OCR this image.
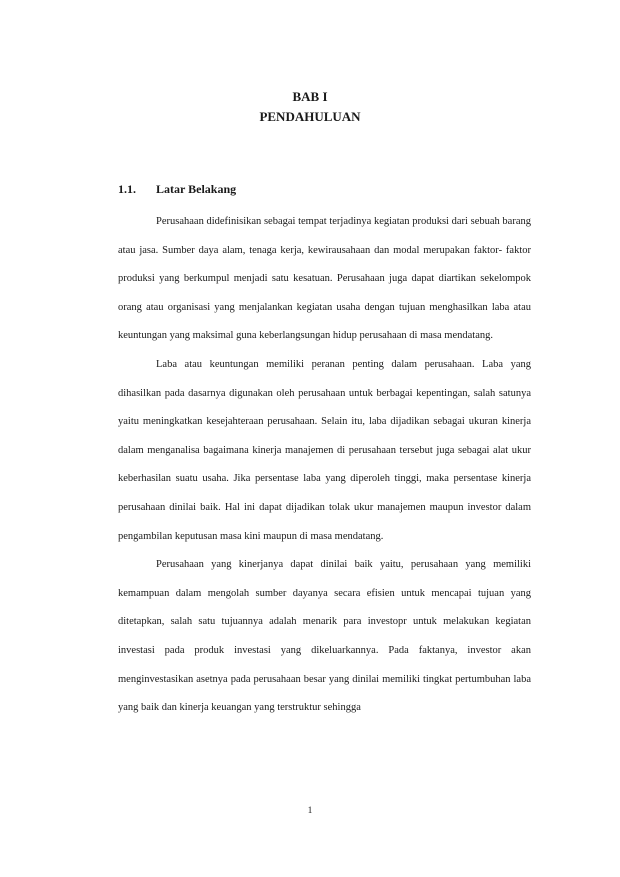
BAB I
PENDAHULUAN
1.1. Latar Belakang

Perusahaan didefinisikan sebagai tempat terjadinya kegiatan produksi dari sebuah barang atau jasa. Sumber daya alam, tenaga kerja, kewirausahaan dan modal merupakan faktor- faktor produksi yang berkumpul menjadi satu kesatuan. Perusahaan juga dapat diartikan sekelompok orang atau organisasi yang menjalankan kegiatan usaha dengan tujuan menghasilkan laba atau keuntungan yang maksimal guna keberlangsungan hidup perusahaan di masa mendatang.

Laba atau keuntungan memiliki peranan penting dalam perusahaan. Laba yang dihasilkan pada dasarnya digunakan oleh perusahaan untuk berbagai kepentingan, salah satunya yaitu meningkatkan kesejahteraan perusahaan. Selain itu, laba dijadikan sebagai ukuran kinerja dalam menganalisa bagaimana kinerja manajemen di perusahaan tersebut juga sebagai alat ukur keberhasilan suatu usaha. Jika persentase laba yang diperoleh tinggi, maka persentase kinerja perusahaan dinilai baik. Hal ini dapat dijadikan tolak ukur manajemen maupun investor dalam pengambilan keputusan masa kini maupun di masa mendatang.

Perusahaan yang kinerjanya dapat dinilai baik yaitu, perusahaan yang memiliki kemampuan dalam mengolah sumber dayanya secara efisien untuk mencapai tujuan yang ditetapkan, salah satu tujuannya adalah menarik para investopr untuk melakukan kegiatan investasi pada produk investasi yang dikeluarkannya. Pada faktanya, investor akan menginvestasikan asetnya pada perusahaan besar yang dinilai memiliki tingkat pertumbuhan laba yang baik dan kinerja keuangan yang terstruktur sehingga

1
